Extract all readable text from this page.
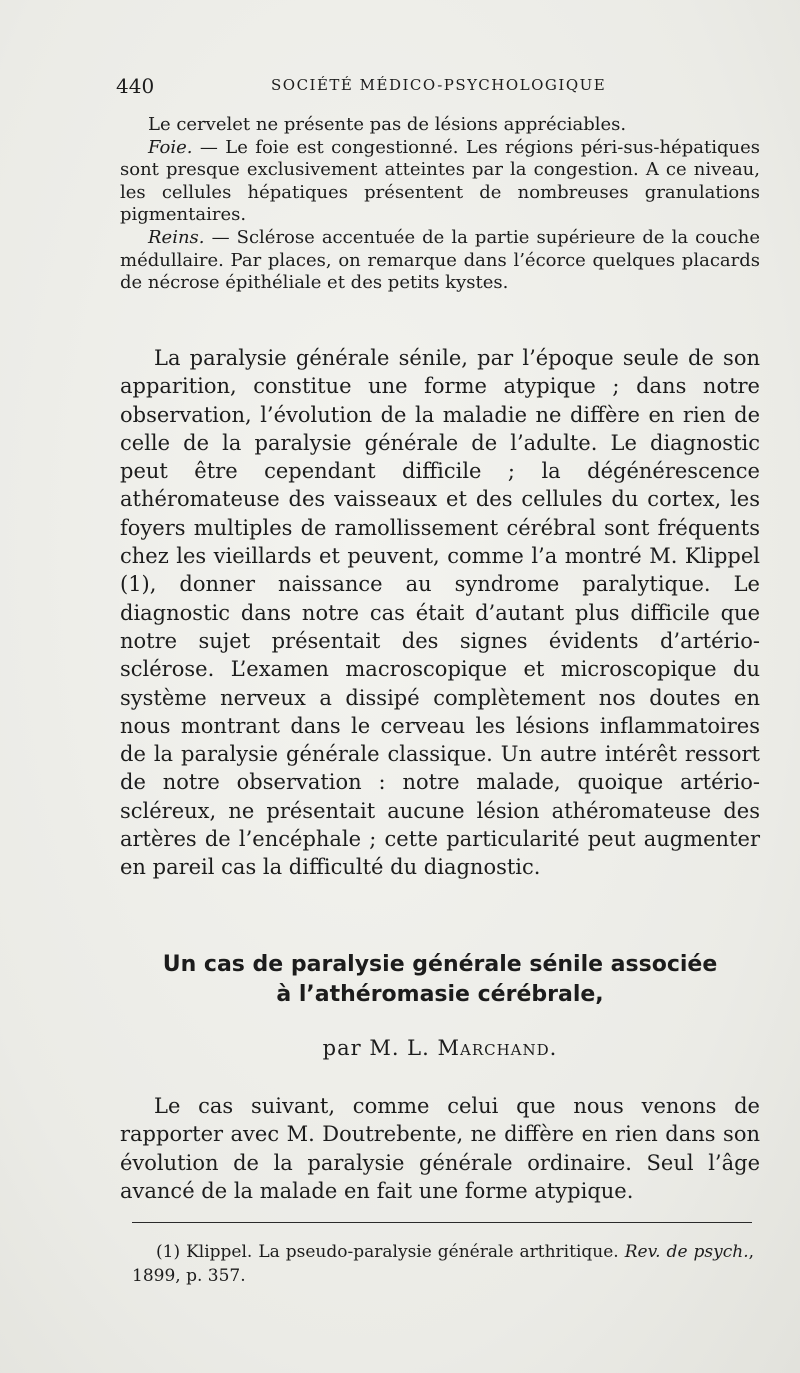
440	SOCIÉTÉ MÉDICO-PSYCHOLOGIQUE

Le cervelet ne présente pas de lésions appréciables.

Foie. — Le foie est congestionné. Les régions péri-sus-hépatiques sont presque exclusivement atteintes par la congestion. A ce niveau, les cellules hépatiques présentent de nombreuses granulations pigmentaires.

Reins. — Sclérose accentuée de la partie supérieure de la couche médullaire. Par places, on remarque dans l’écorce quelques placards de nécrose épithéliale et des petits kystes.

La paralysie générale sénile, par l’époque seule de son apparition, constitue une forme atypique ; dans notre observation, l’évolution de la maladie ne diffère en rien de celle de la paralysie générale de l’adulte. Le diagnostic peut être cependant difficile ; la dégénérescence athéromateuse des vaisseaux et des cellules du cortex, les foyers multiples de ramollissement cérébral sont fréquents chez les vieillards et peuvent, comme l’a montré M. Klippel (1), donner naissance au syndrome paralytique. Le diagnostic dans notre cas était d’autant plus difficile que notre sujet présentait des signes évidents d’artério-sclérose. L’examen macroscopique et microscopique du système nerveux a dissipé complètement nos doutes en nous montrant dans le cerveau les lésions inflammatoires de la paralysie générale classique. Un autre intérêt ressort de notre observation : notre malade, quoique artério-scléreux, ne présentait aucune lésion athéromateuse des artères de l’encéphale ; cette particularité peut augmenter en pareil cas la difficulté du diagnostic.

Un cas de paralysie générale sénile associée
à l’athéromasie cérébrale,
par M. L. Marchand.

Le cas suivant, comme celui que nous venons de rapporter avec M. Doutrebente, ne diffère en rien dans son évolution de la paralysie générale ordinaire. Seul l’âge avancé de la malade en fait une forme atypique.

(1) Klippel. La pseudo-paralysie générale arthritique. Rev. de psych., 1899, p. 357.
